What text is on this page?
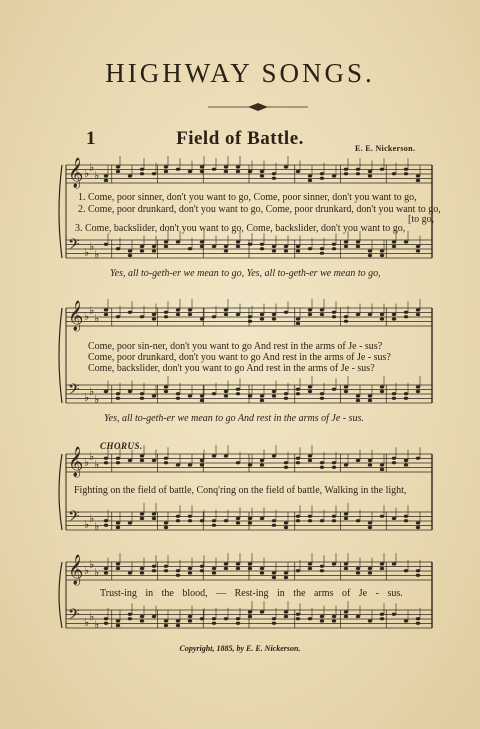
HIGHWAY SONGS.
1	Field of Battle.	E. E. Nickerson.
𝄞
𝄢
♭ ♭
♭
♭ ♭
♭
𝄞
𝄢
♭ ♭
♭
♭ ♭
♭
𝄞
𝄢
♭ ♭
♭
♭ ♭
♭
𝄞
𝄢
♭ ♭
♭
♭ ♭
♭
1. Come, poor sinner, don't you want to go, Come, poor sinner, don't you want to go,
2. Come, poor drunkard, don't you want to go, Come, poor drunkard, don't you want to go,
[to go,
3. Come, backslider, don't you want to go, Come, backslider, don't you want to go,
Yes, all to-geth-er we mean to go, Yes, all to-geth-er we mean to go,
Come, poor sin-ner, don't you want to go And rest in the arms of Je - sus?
Come, poor drunkard, don't you want to go And rest in the arms of Je - sus?
Come, backslider, don't you want to go And rest in the arms of Je - sus?
Yes, all to-geth-er we mean to go And rest in the arms of Je - sus.
CHORUS.
Fighting on the field of battle, Conq'ring on the field of battle, Walking in the light,
Trust-ing in the blood, — Rest-ing in the arms of Je - sus.
Copyright, 1885, by E. E. Nickerson.
